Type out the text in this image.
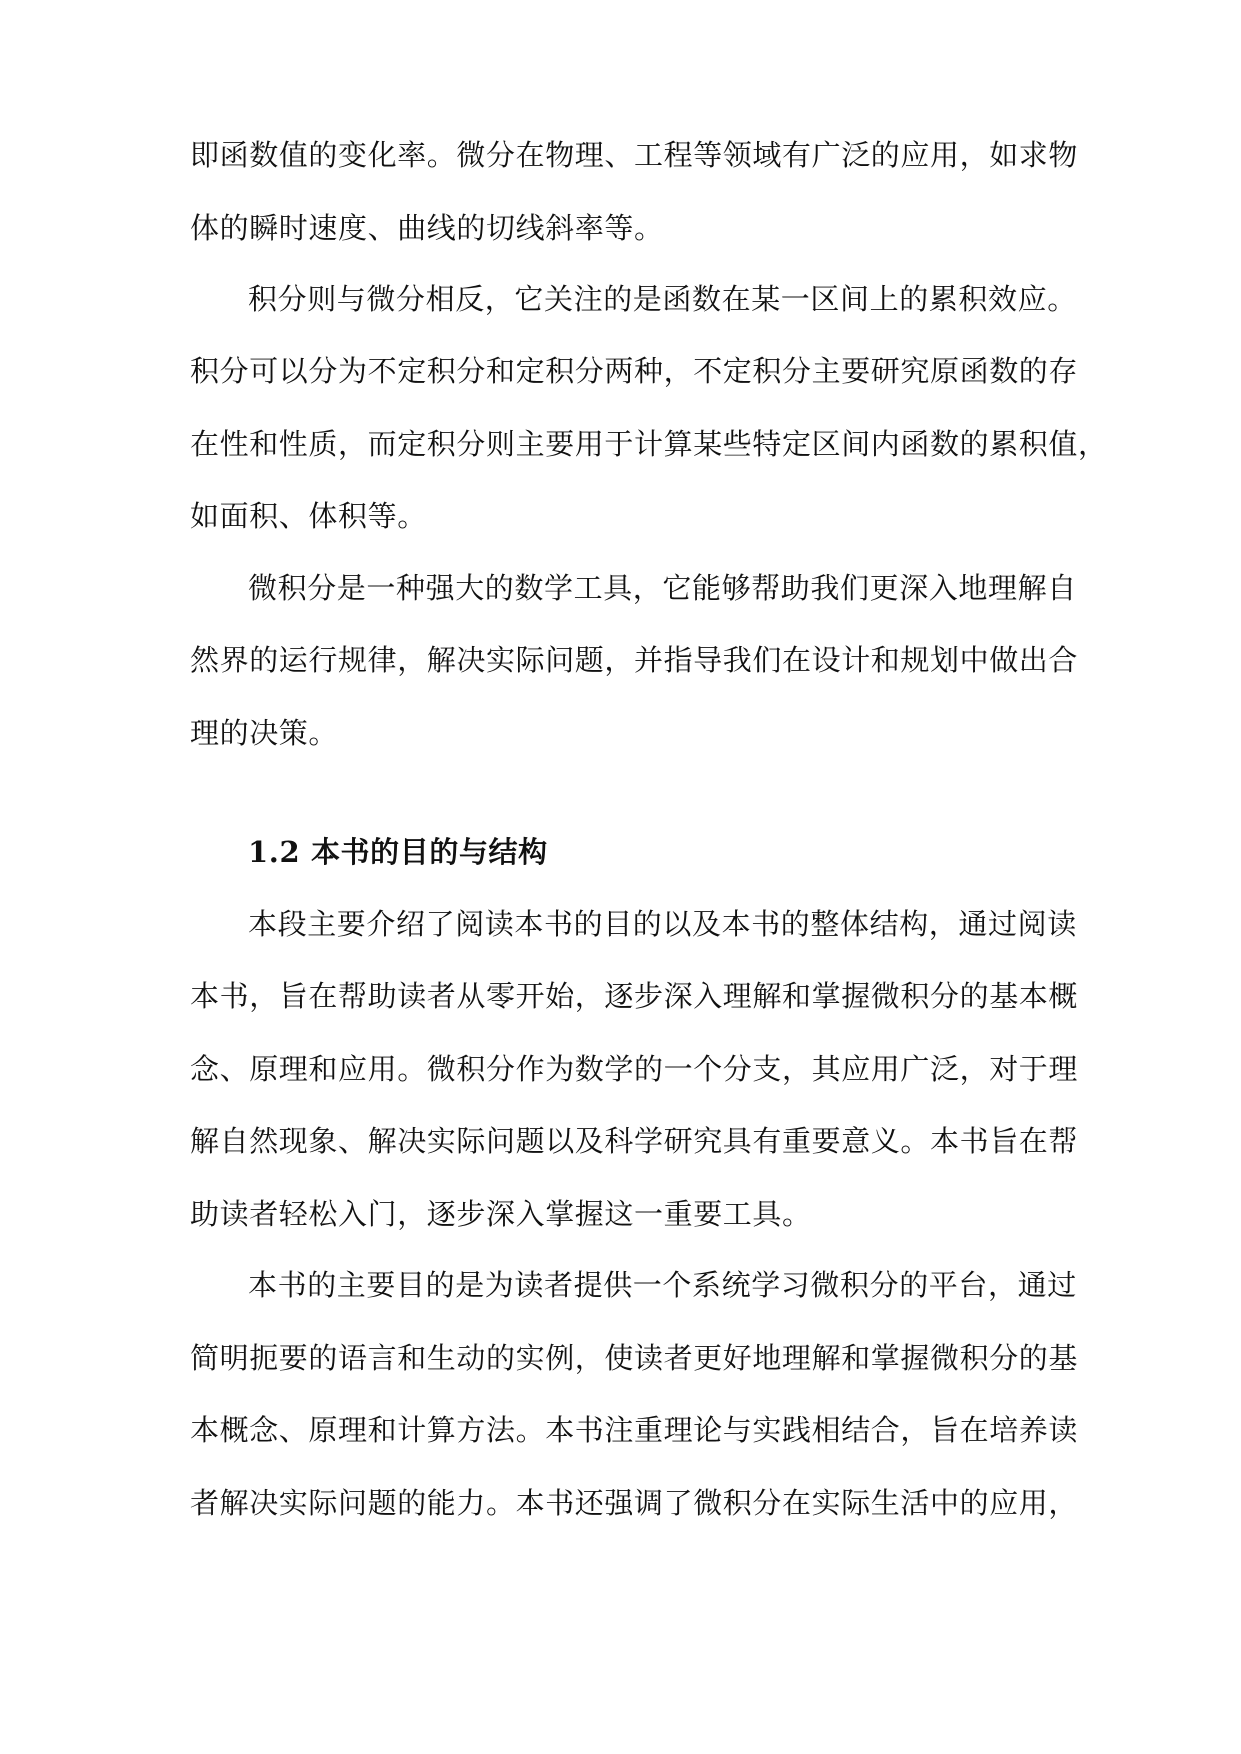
即函数值的变化率。微分在物理、工程等领域有广泛的应用，如求物
体的瞬时速度、曲线的切线斜率等。
积分则与微分相反，它关注的是函数在某一区间上的累积效应。
积分可以分为不定积分和定积分两种，不定积分主要研究原函数的存
在性和性质，而定积分则主要用于计算某些特定区间内函数的累积值，
如面积、体积等。
微积分是一种强大的数学工具，它能够帮助我们更深入地理解自
然界的运行规律，解决实际问题，并指导我们在设计和规划中做出合
理的决策。
1.2 本书的目的与结构
本段主要介绍了阅读本书的目的以及本书的整体结构，通过阅读
本书，旨在帮助读者从零开始，逐步深入理解和掌握微积分的基本概
念、原理和应用。微积分作为数学的一个分支，其应用广泛，对于理
解自然现象、解决实际问题以及科学研究具有重要意义。本书旨在帮
助读者轻松入门，逐步深入掌握这一重要工具。
本书的主要目的是为读者提供一个系统学习微积分的平台，通过
简明扼要的语言和生动的实例，使读者更好地理解和掌握微积分的基
本概念、原理和计算方法。本书注重理论与实践相结合，旨在培养读
者解决实际问题的能力。本书还强调了微积分在实际生活中的应用，
